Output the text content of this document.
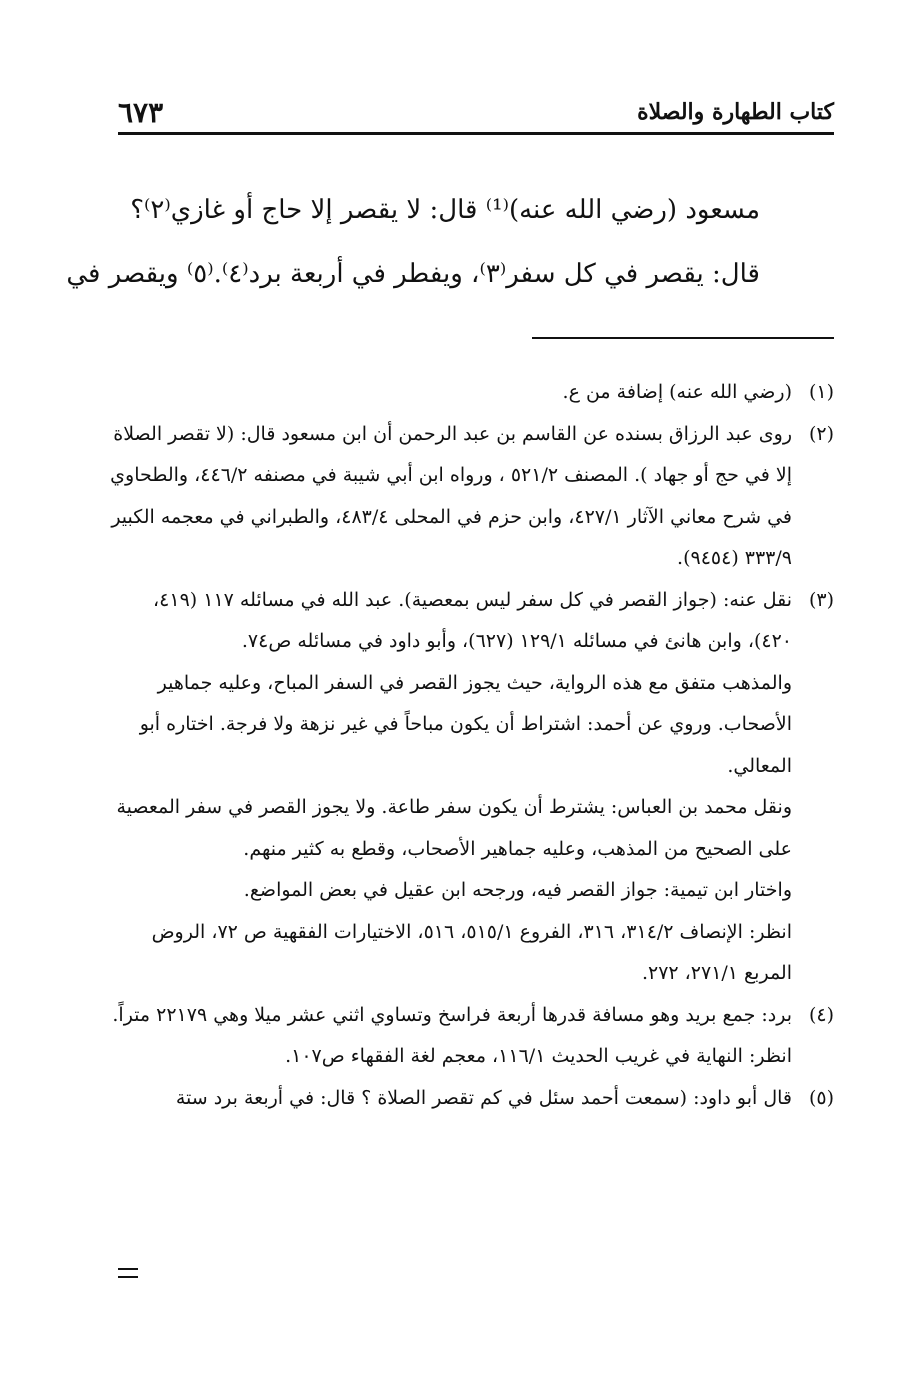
كتاب الطهارة والصلاة
٦٧٣
مسعود (رضي الله عنه)⁽¹⁾ قال: لا يقصر إلا حاج أو غازي⁽٢⁾؟
قال: يقصر في كل سفر⁽٣⁾، ويفطر في أربعة برد⁽٤⁾.⁽٥⁾ ويقصر في
(١)

(رضي الله عنه) إضافة من ع.

(٢)

روى عبد الرزاق بسنده عن القاسم بن عبد الرحمن أن ابن مسعود قال: (لا تقصر الصلاة إلا في حج أو جهاد ). المصنف ٥٢١/٢ ، ورواه ابن أبي شيبة في مصنفه ٤٤٦/٢، والطحاوي في شرح معاني الآثار ٤٢٧/١، وابن حزم في المحلى ٤٨٣/٤، والطبراني في معجمه الكبير ٣٣٣/٩ (٩٤٥٤).

(٣)

نقل عنه: (جواز القصر في كل سفر ليس بمعصية). عبد الله في مسائله ١١٧ (٤١٩، ٤٢٠)، وابن هانئ في مسائله ١٢٩/١ (٦٢٧)، وأبو داود في مسائله ص٧٤.

والمذهب متفق مع هذه الرواية، حيث يجوز القصر في السفر المباح، وعليه جماهير الأصحاب. وروي عن أحمد: اشتراط أن يكون مباحاً في غير نزهة ولا فرجة. اختاره أبو المعالي.

ونقل محمد بن العباس: يشترط أن يكون سفر طاعة. ولا يجوز القصر في سفر المعصية على الصحيح من المذهب، وعليه جماهير الأصحاب، وقطع به كثير منهم.

واختار ابن تيمية: جواز القصر فيه، ورجحه ابن عقيل في بعض المواضع.

انظر: الإنصاف ٣١٤/٢، ٣١٦، الفروع ٥١٥/١، ٥١٦، الاختيارات الفقهية ص ٧٢، الروض المربع ٢٧١/١، ٢٧٢.

(٤)

برد: جمع بريد وهو مسافة قدرها أربعة فراسخ وتساوي اثني عشر ميلا وهي ٢٢١٧٩ متراً.

انظر: النهاية في غريب الحديث ١١٦/١، معجم لغة الفقهاء ص١٠٧.

(٥)

قال أبو داود: (سمعت أحمد سئل في كم تقصر الصلاة ؟ قال: في أربعة برد ستة
